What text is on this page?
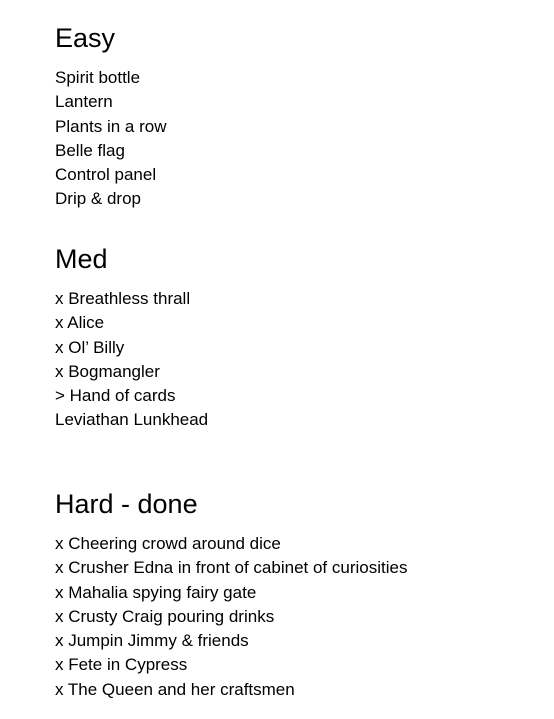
Easy
Spirit bottle
Lantern
Plants in a row
Belle flag
Control panel
Drip & drop
Med
x Breathless thrall
x Alice
x Ol’ Billy
x Bogmangler
> Hand of cards
Leviathan Lunkhead
Hard - done
x Cheering crowd around dice
x Crusher Edna in front of cabinet of curiosities
x Mahalia spying fairy gate
x Crusty Craig pouring drinks
x Jumpin Jimmy & friends
x Fete in Cypress
x The Queen and her craftsmen
